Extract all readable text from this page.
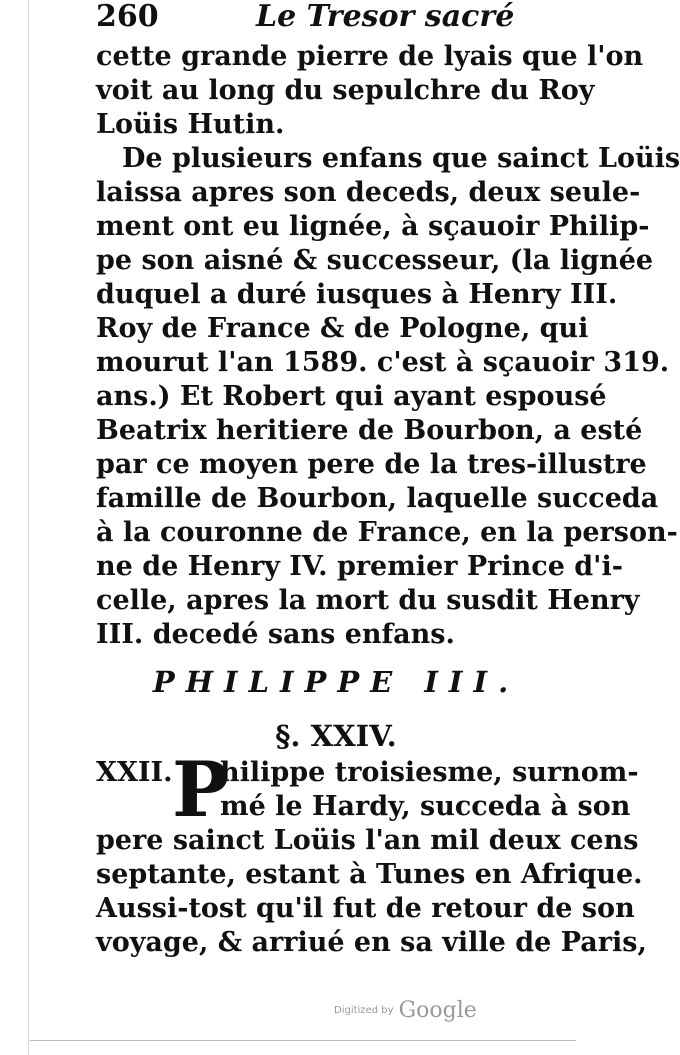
260	Le Tresor sacré
cette grande pierre de lyais que l'on
voit au long du sepulchre du Roy
Loüis Hutin.
De plusieurs enfans que sainct Loüis
laissa apres son deceds, deux seule-
ment ont eu lignée, à sçauoir Philip-
pe son aisné & successeur, (la lignée
duquel a duré iusques à Henry III.
Roy de France & de Pologne, qui
mourut l'an 1589. c'est à sçauoir 319.
ans.) Et Robert qui ayant espousé
Beatrix heritiere de Bourbon, a esté
par ce moyen pere de la tres-illustre
famille de Bourbon, laquelle succeda
à la couronne de France, en la person-
ne de Henry IV. premier Prince d'i-
celle, apres la mort du susdit Henry
III. decedé sans enfans.
PHILIPPE III.
§. XXIV.
XXII. P
hilippe troisiesme, surnom-
mé le Hardy, succeda à son
pere sainct Loüis l'an mil deux cens
septante, estant à Tunes en Afrique.
Aussi-tost qu'il fut de retour de son
voyage, & arriué en sa ville de Paris,
Digitized by Google
